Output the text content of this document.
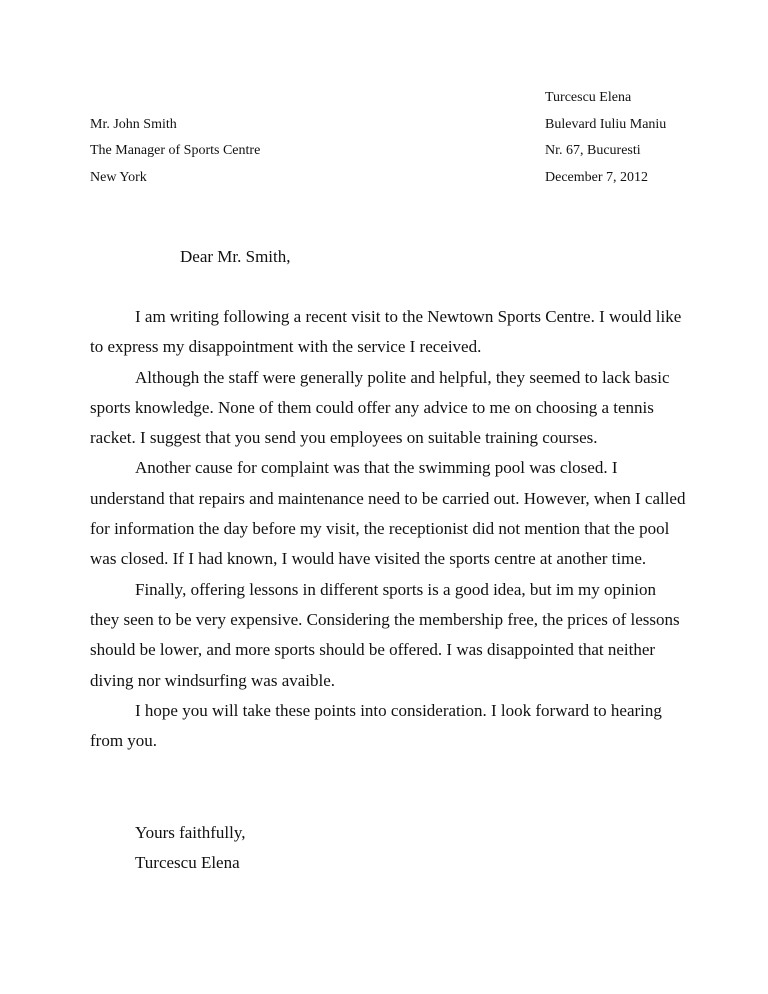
Turcescu Elena
Bulevard Iuliu Maniu
Nr. 67, Bucuresti
December 7, 2012
Mr. John Smith
The Manager of Sports Centre
New York
Dear Mr. Smith,

I am writing following a recent visit to the Newtown Sports Centre. I would like to express my disappointment with the service I received.

Although the staff were generally polite and helpful, they seemed to lack basic sports knowledge. None of them could offer any advice to me on choosing a tennis racket. I suggest that you send you employees on suitable training courses.

Another cause for complaint was that the swimming pool was closed. I understand that repairs and maintenance need to be carried out. However, when I called for information the day before my visit, the receptionist did not mention that the pool was closed. If I had known, I would have visited the sports centre at another time.

Finally, offering lessons in different sports is a good idea, but im my opinion they seen to be very expensive. Considering the membership free, the prices of lessons should be lower, and more sports should be offered. I was disappointed that neither diving nor windsurfing was avaible.

I hope you will take these points into consideration. I look forward to hearing from you.

Yours faithfully,
Turcescu Elena
